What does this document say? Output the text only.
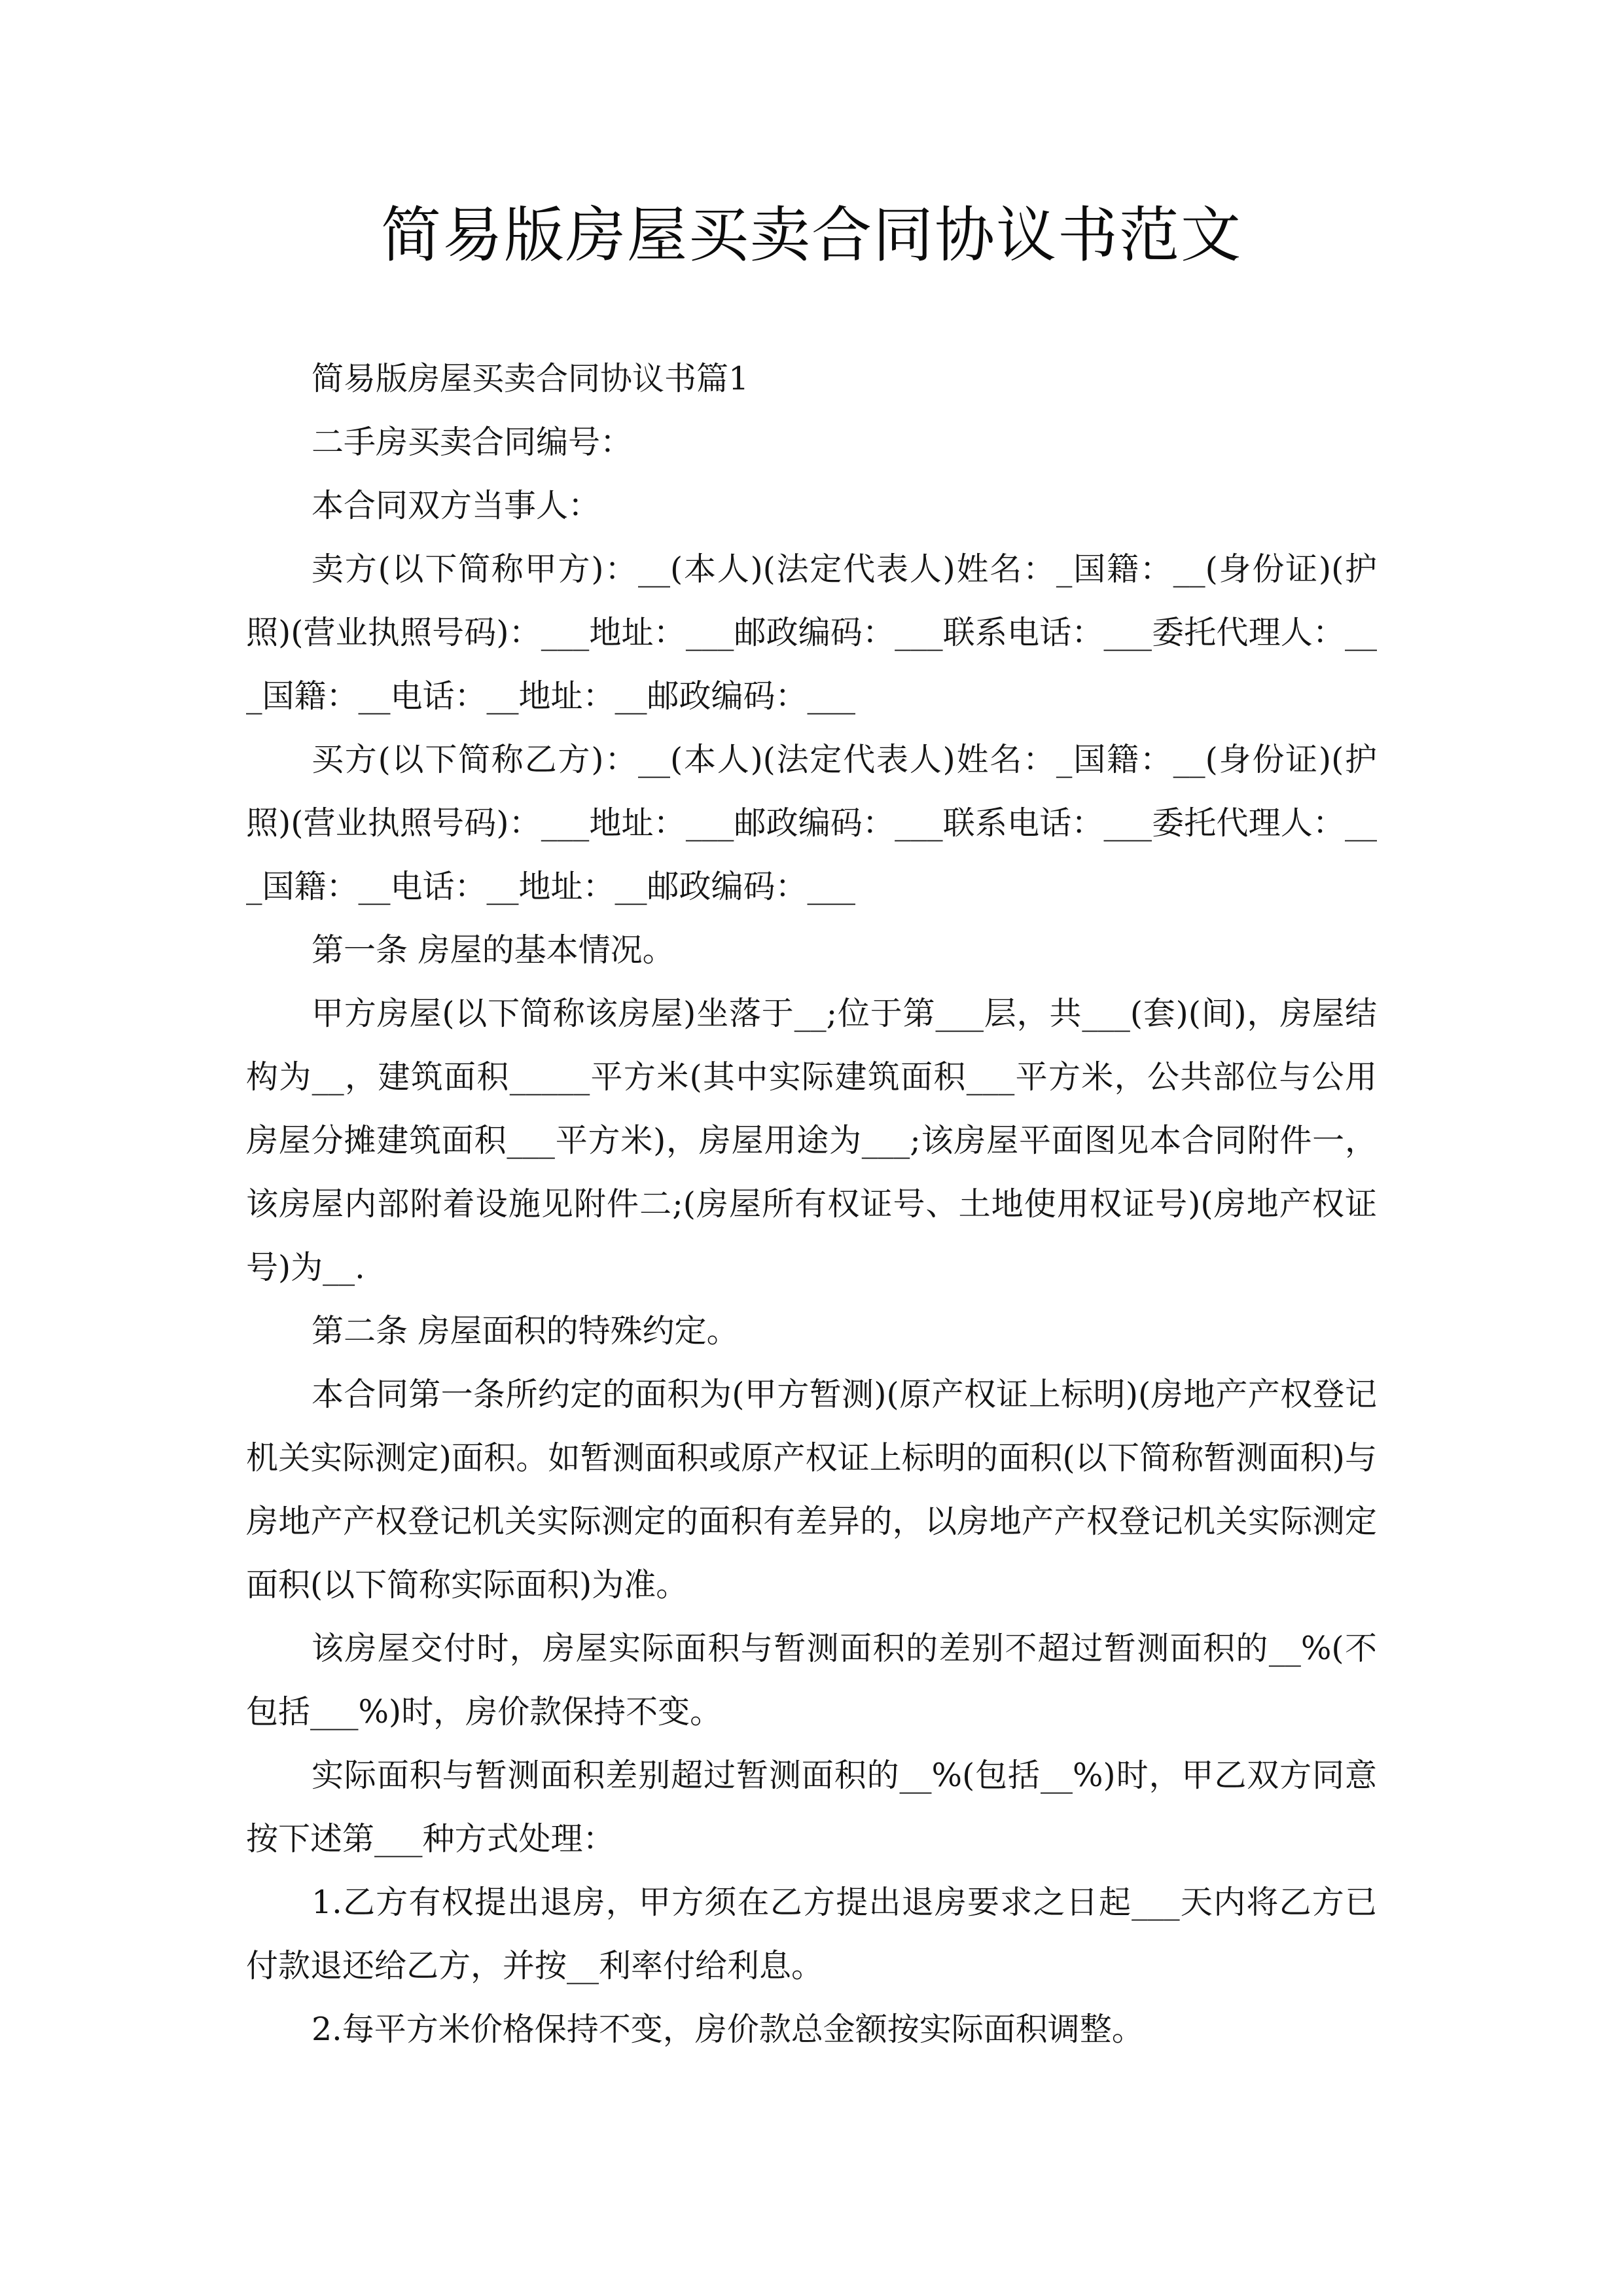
简易版房屋买卖合同协议书范文

简易版房屋买卖合同协议书篇1

二手房买卖合同编号：

本合同双方当事人：

卖方(以下简称甲方)：__(本人)(法定代表人)姓名：_国籍：__(身份证)(护照)(营业执照号码)：___地址：___邮政编码：___联系电话：___委托代理人：___国籍：__电话：__地址：__邮政编码：___

买方(以下简称乙方)：__(本人)(法定代表人)姓名：_国籍：__(身份证)(护照)(营业执照号码)：___地址：___邮政编码：___联系电话：___委托代理人：___国籍：__电话：__地址：__邮政编码：___

第一条 房屋的基本情况。

甲方房屋(以下简称该房屋)坐落于__;位于第___层，共___(套)(间)，房屋结构为__，建筑面积_____平方米(其中实际建筑面积___平方米，公共部位与公用房屋分摊建筑面积___平方米)，房屋用途为___;该房屋平面图见本合同附件一，该房屋内部附着设施见附件二;(房屋所有权证号、土地使用权证号)(房地产权证号)为__.

第二条 房屋面积的特殊约定。

本合同第一条所约定的面积为(甲方暂测)(原产权证上标明)(房地产产权登记机关实际测定)面积。如暂测面积或原产权证上标明的面积(以下简称暂测面积)与房地产产权登记机关实际测定的面积有差异的，以房地产产权登记机关实际测定面积(以下简称实际面积)为准。

该房屋交付时，房屋实际面积与暂测面积的差别不超过暂测面积的__%(不包括___%)时，房价款保持不变。

实际面积与暂测面积差别超过暂测面积的__%(包括__%)时，甲乙双方同意按下述第___种方式处理：

1.乙方有权提出退房，甲方须在乙方提出退房要求之日起___天内将乙方已付款退还给乙方，并按__利率付给利息。

2.每平方米价格保持不变，房价款总金额按实际面积调整。
